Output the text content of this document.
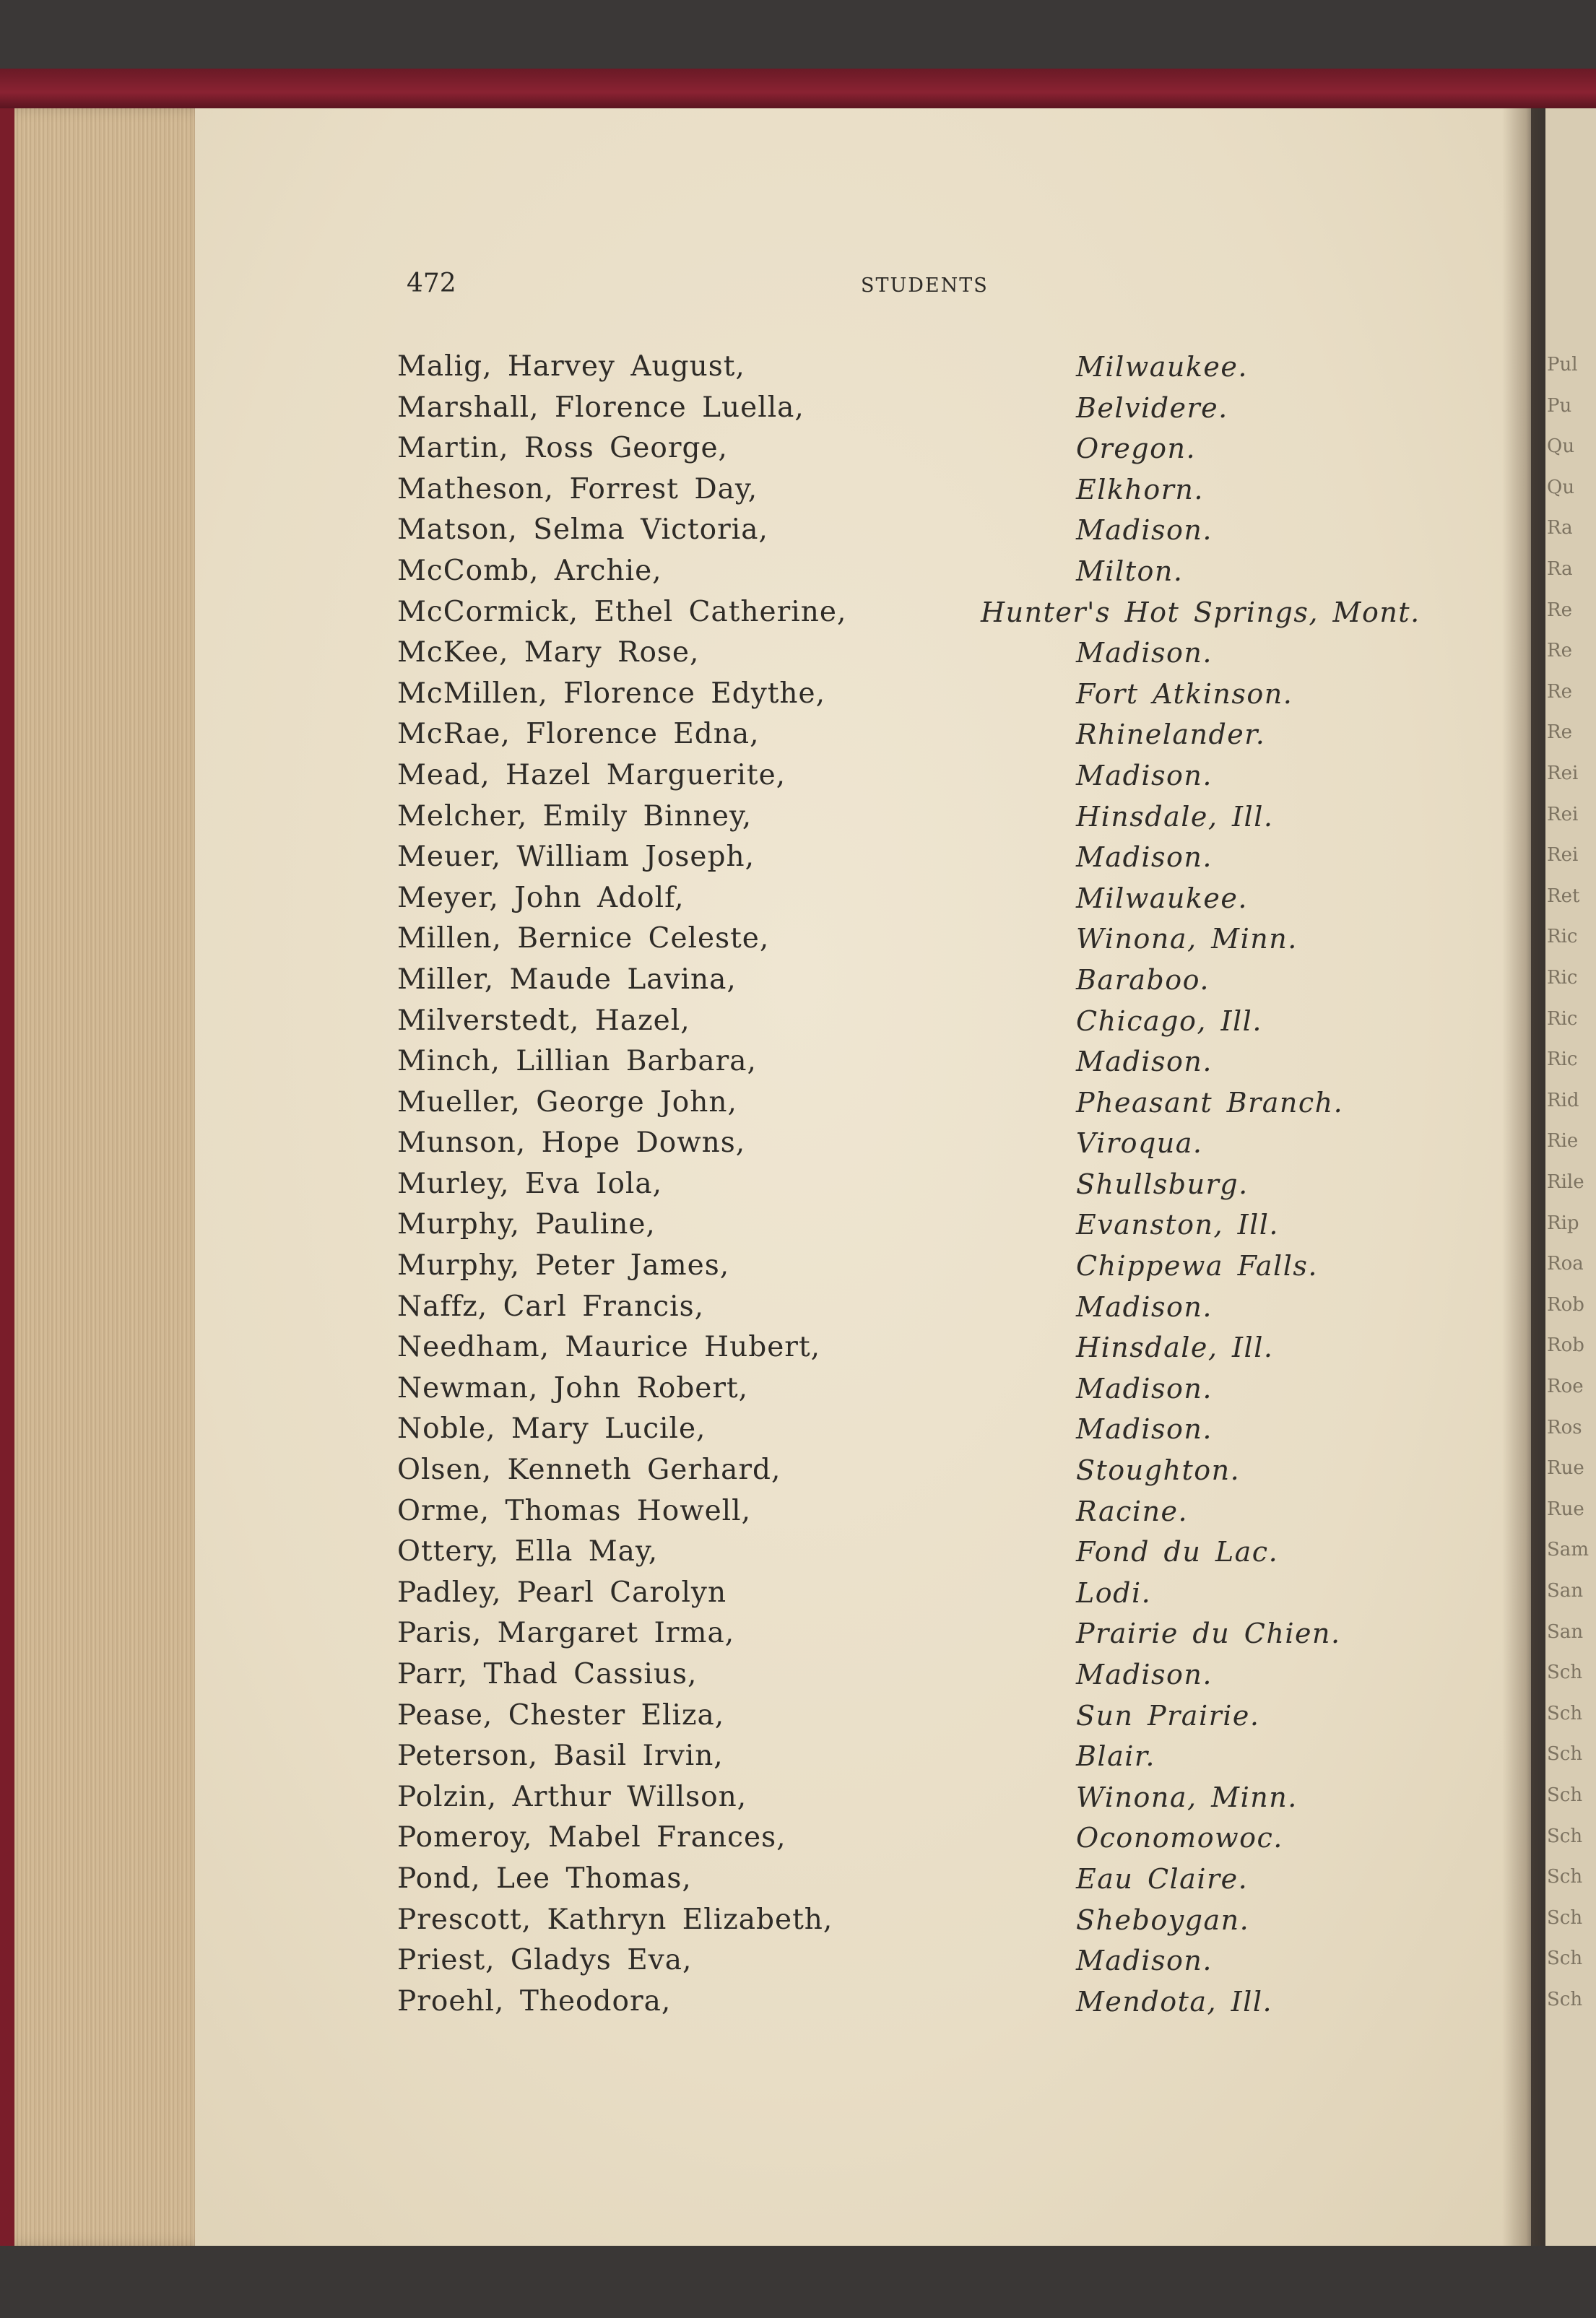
Pul
Pu
Qu
Qu
Ra
Ra
Re
Re
Re
Re
Rei
Rei
Rei
Ret
Ric
Ric
Ric
Ric
Rid
Rie
Rile
Rip
Roa
Rob
Rob
Roe
Ros
Rue
Rue
Sam
San
San
Sch
Sch
Sch
Sch
Sch
Sch
Sch
Sch
Sch
472	STUDENTS
Malig, Harvey August,	Milwaukee.
Marshall, Florence Luella,	Belvidere.
Martin, Ross George,	Oregon.
Matheson, Forrest Day,	Elkhorn.
Matson, Selma Victoria,	Madison.
McComb, Archie,	Milton.
McCormick, Ethel Catherine,	Hunter's Hot Springs, Mont.
McKee, Mary Rose,	Madison.
McMillen, Florence Edythe,	Fort Atkinson.
McRae, Florence Edna,	Rhinelander.
Mead, Hazel Marguerite,	Madison.
Melcher, Emily Binney,	Hinsdale, Ill.
Meuer, William Joseph,	Madison.
Meyer, John Adolf,	Milwaukee.
Millen, Bernice Celeste,	Winona, Minn.
Miller, Maude Lavina,	Baraboo.
Milverstedt, Hazel,	Chicago, Ill.
Minch, Lillian Barbara,	Madison.
Mueller, George John,	Pheasant Branch.
Munson, Hope Downs,	Viroqua.
Murley, Eva Iola,	Shullsburg.
Murphy, Pauline,	Evanston, Ill.
Murphy, Peter James,	Chippewa Falls.
Naffz, Carl Francis,	Madison.
Needham, Maurice Hubert,	Hinsdale, Ill.
Newman, John Robert,	Madison.
Noble, Mary Lucile,	Madison.
Olsen, Kenneth Gerhard,	Stoughton.
Orme, Thomas Howell,	Racine.
Ottery, Ella May,	Fond du Lac.
Padley, Pearl Carolyn	Lodi.
Paris, Margaret Irma,	Prairie du Chien.
Parr, Thad Cassius,	Madison.
Pease, Chester Eliza,	Sun Prairie.
Peterson, Basil Irvin,	Blair.
Polzin, Arthur Willson,	Winona, Minn.
Pomeroy, Mabel Frances,	Oconomowoc.
Pond, Lee Thomas,	Eau Claire.
Prescott, Kathryn Elizabeth,	Sheboygan.
Priest, Gladys Eva,	Madison.
Proehl, Theodora,	Mendota, Ill.
